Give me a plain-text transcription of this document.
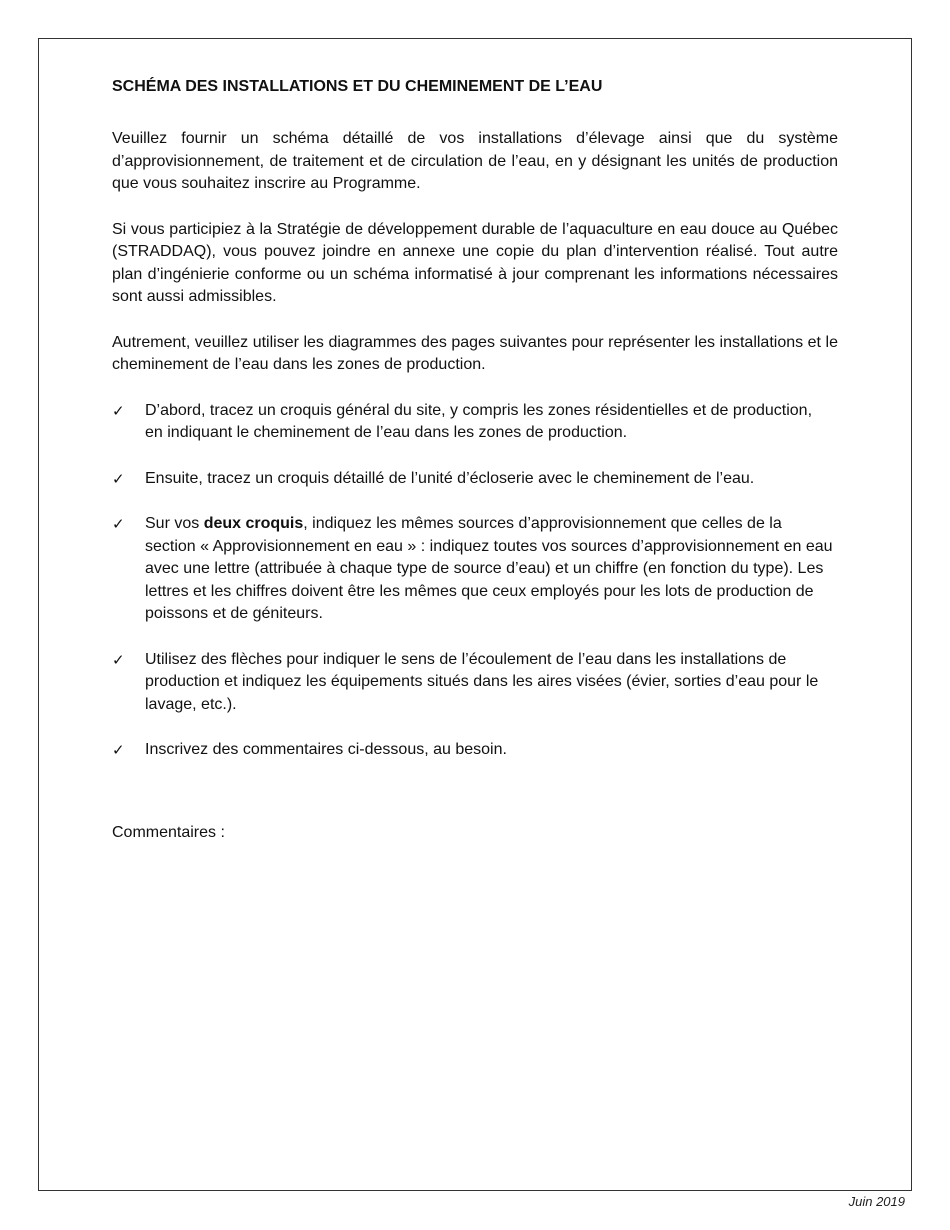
SCHÉMA DES INSTALLATIONS ET DU CHEMINEMENT DE L’EAU

Veuillez fournir un schéma détaillé de vos installations d’élevage ainsi que du système d’approvisionnement, de traitement et de circulation de l’eau, en y désignant les unités de production que vous souhaitez inscrire au Programme.

Si vous participiez à la Stratégie de développement durable de l’aquaculture en eau douce au Québec (STRADDAQ), vous pouvez joindre en annexe une copie du plan d’intervention réalisé. Tout autre plan d’ingénierie conforme ou un schéma informatisé à jour comprenant les informations nécessaires sont aussi admissibles.

Autrement, veuillez utiliser les diagrammes des pages suivantes pour représenter les installations et le cheminement de l’eau dans les zones de production.

✓	D’abord, tracez un croquis général du site, y compris les zones résidentielles et de production, en indiquant le cheminement de l’eau dans les zones de production.
✓	Ensuite, tracez un croquis détaillé de l’unité d’écloserie avec le cheminement de l’eau.
✓	Sur vos deux croquis, indiquez les mêmes sources d’approvisionnement que celles de la section « Approvisionnement en eau » : indiquez toutes vos sources d’approvisionnement en eau avec une lettre (attribuée à chaque type de source d’eau) et un chiffre (en fonction du type). Les lettres et les chiffres doivent être les mêmes que ceux employés pour les lots de production de poissons et de géniteurs.
✓	Utilisez des flèches pour indiquer le sens de l’écoulement de l’eau dans les installations de production et indiquez les équipements situés dans les aires visées (évier, sorties d’eau pour le lavage, etc.).
✓	Inscrivez des commentaires ci-dessous, au besoin.
Commentaires :
Juin 2019
